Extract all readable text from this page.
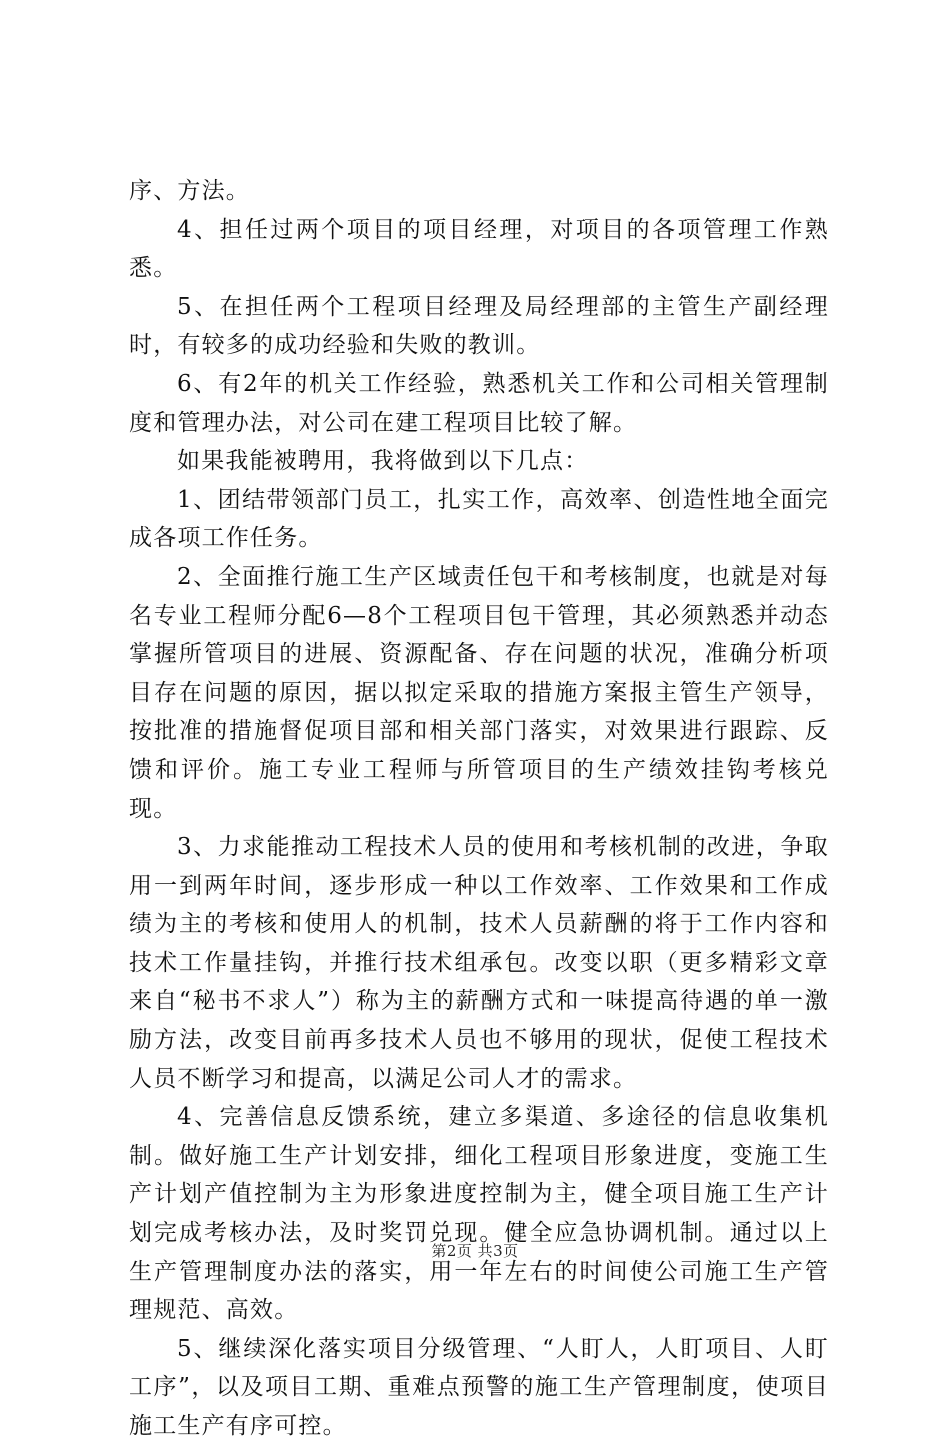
序、方法。

4、担任过两个项目的项目经理，对项目的各项管理工作熟悉。

5、在担任两个工程项目经理及局经理部的主管生产副经理时，有较多的成功经验和失败的教训。

6、有2年的机关工作经验，熟悉机关工作和公司相关管理制度和管理办法，对公司在建工程项目比较了解。

如果我能被聘用，我将做到以下几点：

1、团结带领部门员工，扎实工作，高效率、创造性地全面完成各项工作任务。

2、全面推行施工生产区域责任包干和考核制度，也就是对每名专业工程师分配6—8个工程项目包干管理，其必须熟悉并动态掌握所管项目的进展、资源配备、存在问题的状况，准确分析项目存在问题的原因，据以拟定采取的措施方案报主管生产领导，按批准的措施督促项目部和相关部门落实，对效果进行跟踪、反馈和评价。施工专业工程师与所管项目的生产绩效挂钩考核兑现。

3、力求能推动工程技术人员的使用和考核机制的改进，争取用一到两年时间，逐步形成一种以工作效率、工作效果和工作成绩为主的考核和使用人的机制，技术人员薪酬的将于工作内容和技术工作量挂钩，并推行技术组承包。改变以职（更多精彩文章来自“秘书不求人”）称为主的薪酬方式和一味提高待遇的单一激励方法，改变目前再多技术人员也不够用的现状，促使工程技术人员不断学习和提高，以满足公司人才的需求。

4、完善信息反馈系统，建立多渠道、多途径的信息收集机制。做好施工生产计划安排，细化工程项目形象进度，变施工生产计划产值控制为主为形象进度控制为主，健全项目施工生产计划完成考核办法，及时奖罚兑现。健全应急协调机制。通过以上生产管理制度办法的落实，用一年左右的时间使公司施工生产管理规范、高效。

5、继续深化落实项目分级管理、“人盯人，人盯项目、人盯工序”，以及项目工期、重难点预警的施工生产管理制度，使项目施工生产有序可控。

第2页 共3页
